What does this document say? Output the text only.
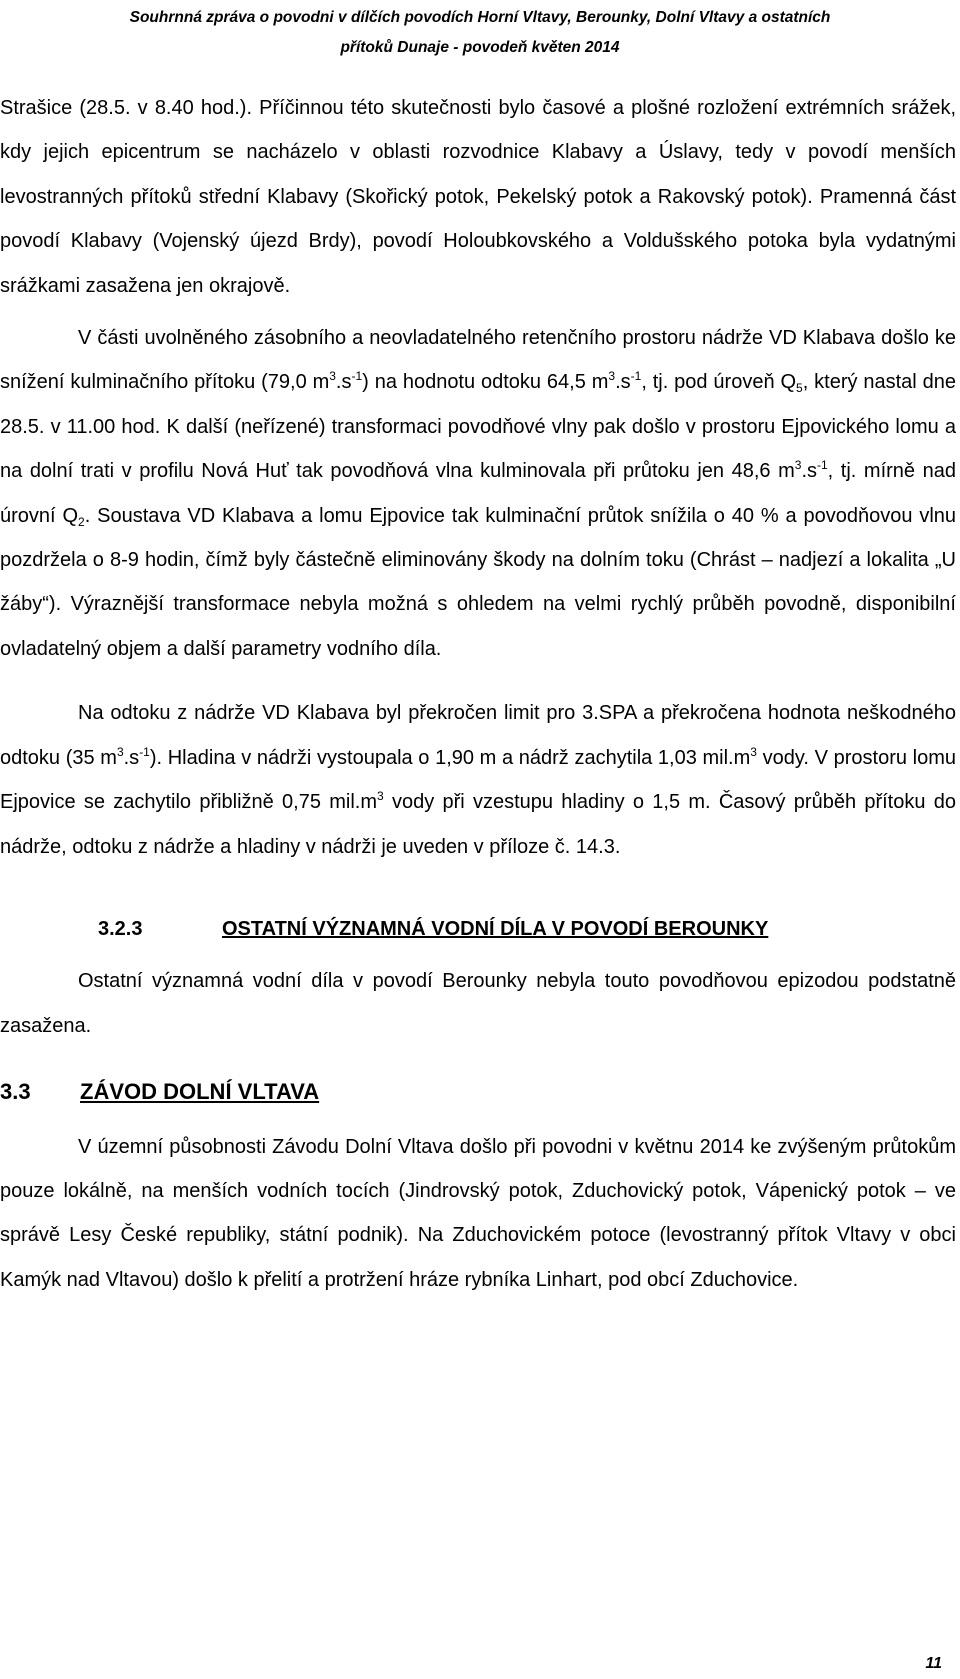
Souhrnná zpráva o povodni v dílčích povodích Horní Vltavy, Berounky, Dolní Vltavy a ostatních
přítoků Dunaje - povodeň květen 2014

Strašice (28.5. v 8.40 hod.). Příčinnou této skutečnosti bylo časové a plošné rozložení extrémních srážek, kdy jejich epicentrum se nacházelo v oblasti rozvodnice Klabavy a Úslavy, tedy v povodí menších levostranných přítoků střední Klabavy (Skořický potok, Pekelský potok a Rakovský potok). Pramenná část povodí Klabavy (Vojenský újezd Brdy), povodí Holoubkovského a Voldušského potoka byla vydatnými srážkami zasažena jen okrajově.

V části uvolněného zásobního a neovladatelného retenčního prostoru nádrže VD Klabava došlo ke snížení kulminačního přítoku (79,0 $m^3.s^{-1}$) na hodnotu odtoku 64,5 $m^3.s^{-1}$, tj. pod úroveň $Q_5$, který nastal dne 28.5. v 11.00 hod. K další (neřízené) transformaci povodňové vlny pak došlo v prostoru Ejpovického lomu a na dolní trati v profilu Nová Huť tak povodňová vlna kulminovala při průtoku jen 48,6 $m^3.s^{-1}$, tj. mírně nad úrovní $Q_2$. Soustava VD Klabava a lomu Ejpovice tak kulminační průtok snížila o 40 % a povodňovou vlnu pozdržela o 8-9 hodin, čímž byly částečně eliminovány škody na dolním toku (Chrást – nadjezí a lokalita „U žáby“). Výraznější transformace nebyla možná s ohledem na velmi rychlý průběh povodně, disponibilní ovladatelný objem a další parametry vodního díla.

Na odtoku z nádrže VD Klabava byl překročen limit pro 3.SPA a překročena hodnota neškodného odtoku (35 $m^3.s^{-1}$). Hladina v nádrži vystoupala o 1,90 m a nádrž zachytila 1,03 $mil.m^3$ vody. V prostoru lomu Ejpovice se zachytilo přibližně 0,75 $mil.m^3$ vody při vzestupu hladiny o 1,5 m. Časový průběh přítoku do nádrže, odtoku z nádrže a hladiny v nádrži je uveden v příloze č. 14.3.

3.2.3	OSTATNÍ VÝZNAMNÁ VODNÍ DÍLA V POVODÍ BEROUNKY

Ostatní významná vodní díla v povodí Berounky nebyla touto povodňovou epizodou podstatně zasažena.

3.3 ZÁVOD DOLNÍ VLTAVA

V územní působnosti Závodu Dolní Vltava došlo při povodni v květnu 2014 ke zvýšeným průtokům pouze lokálně, na menších vodních tocích (Jindrovský potok, Zduchovický potok, Vápenický potok – ve správě Lesy České republiky, státní podnik). Na Zduchovickém potoce (levostranný přítok Vltavy v obci Kamýk nad Vltavou) došlo k přelití a protržení hráze rybníka Linhart, pod obcí Zduchovice.

11
